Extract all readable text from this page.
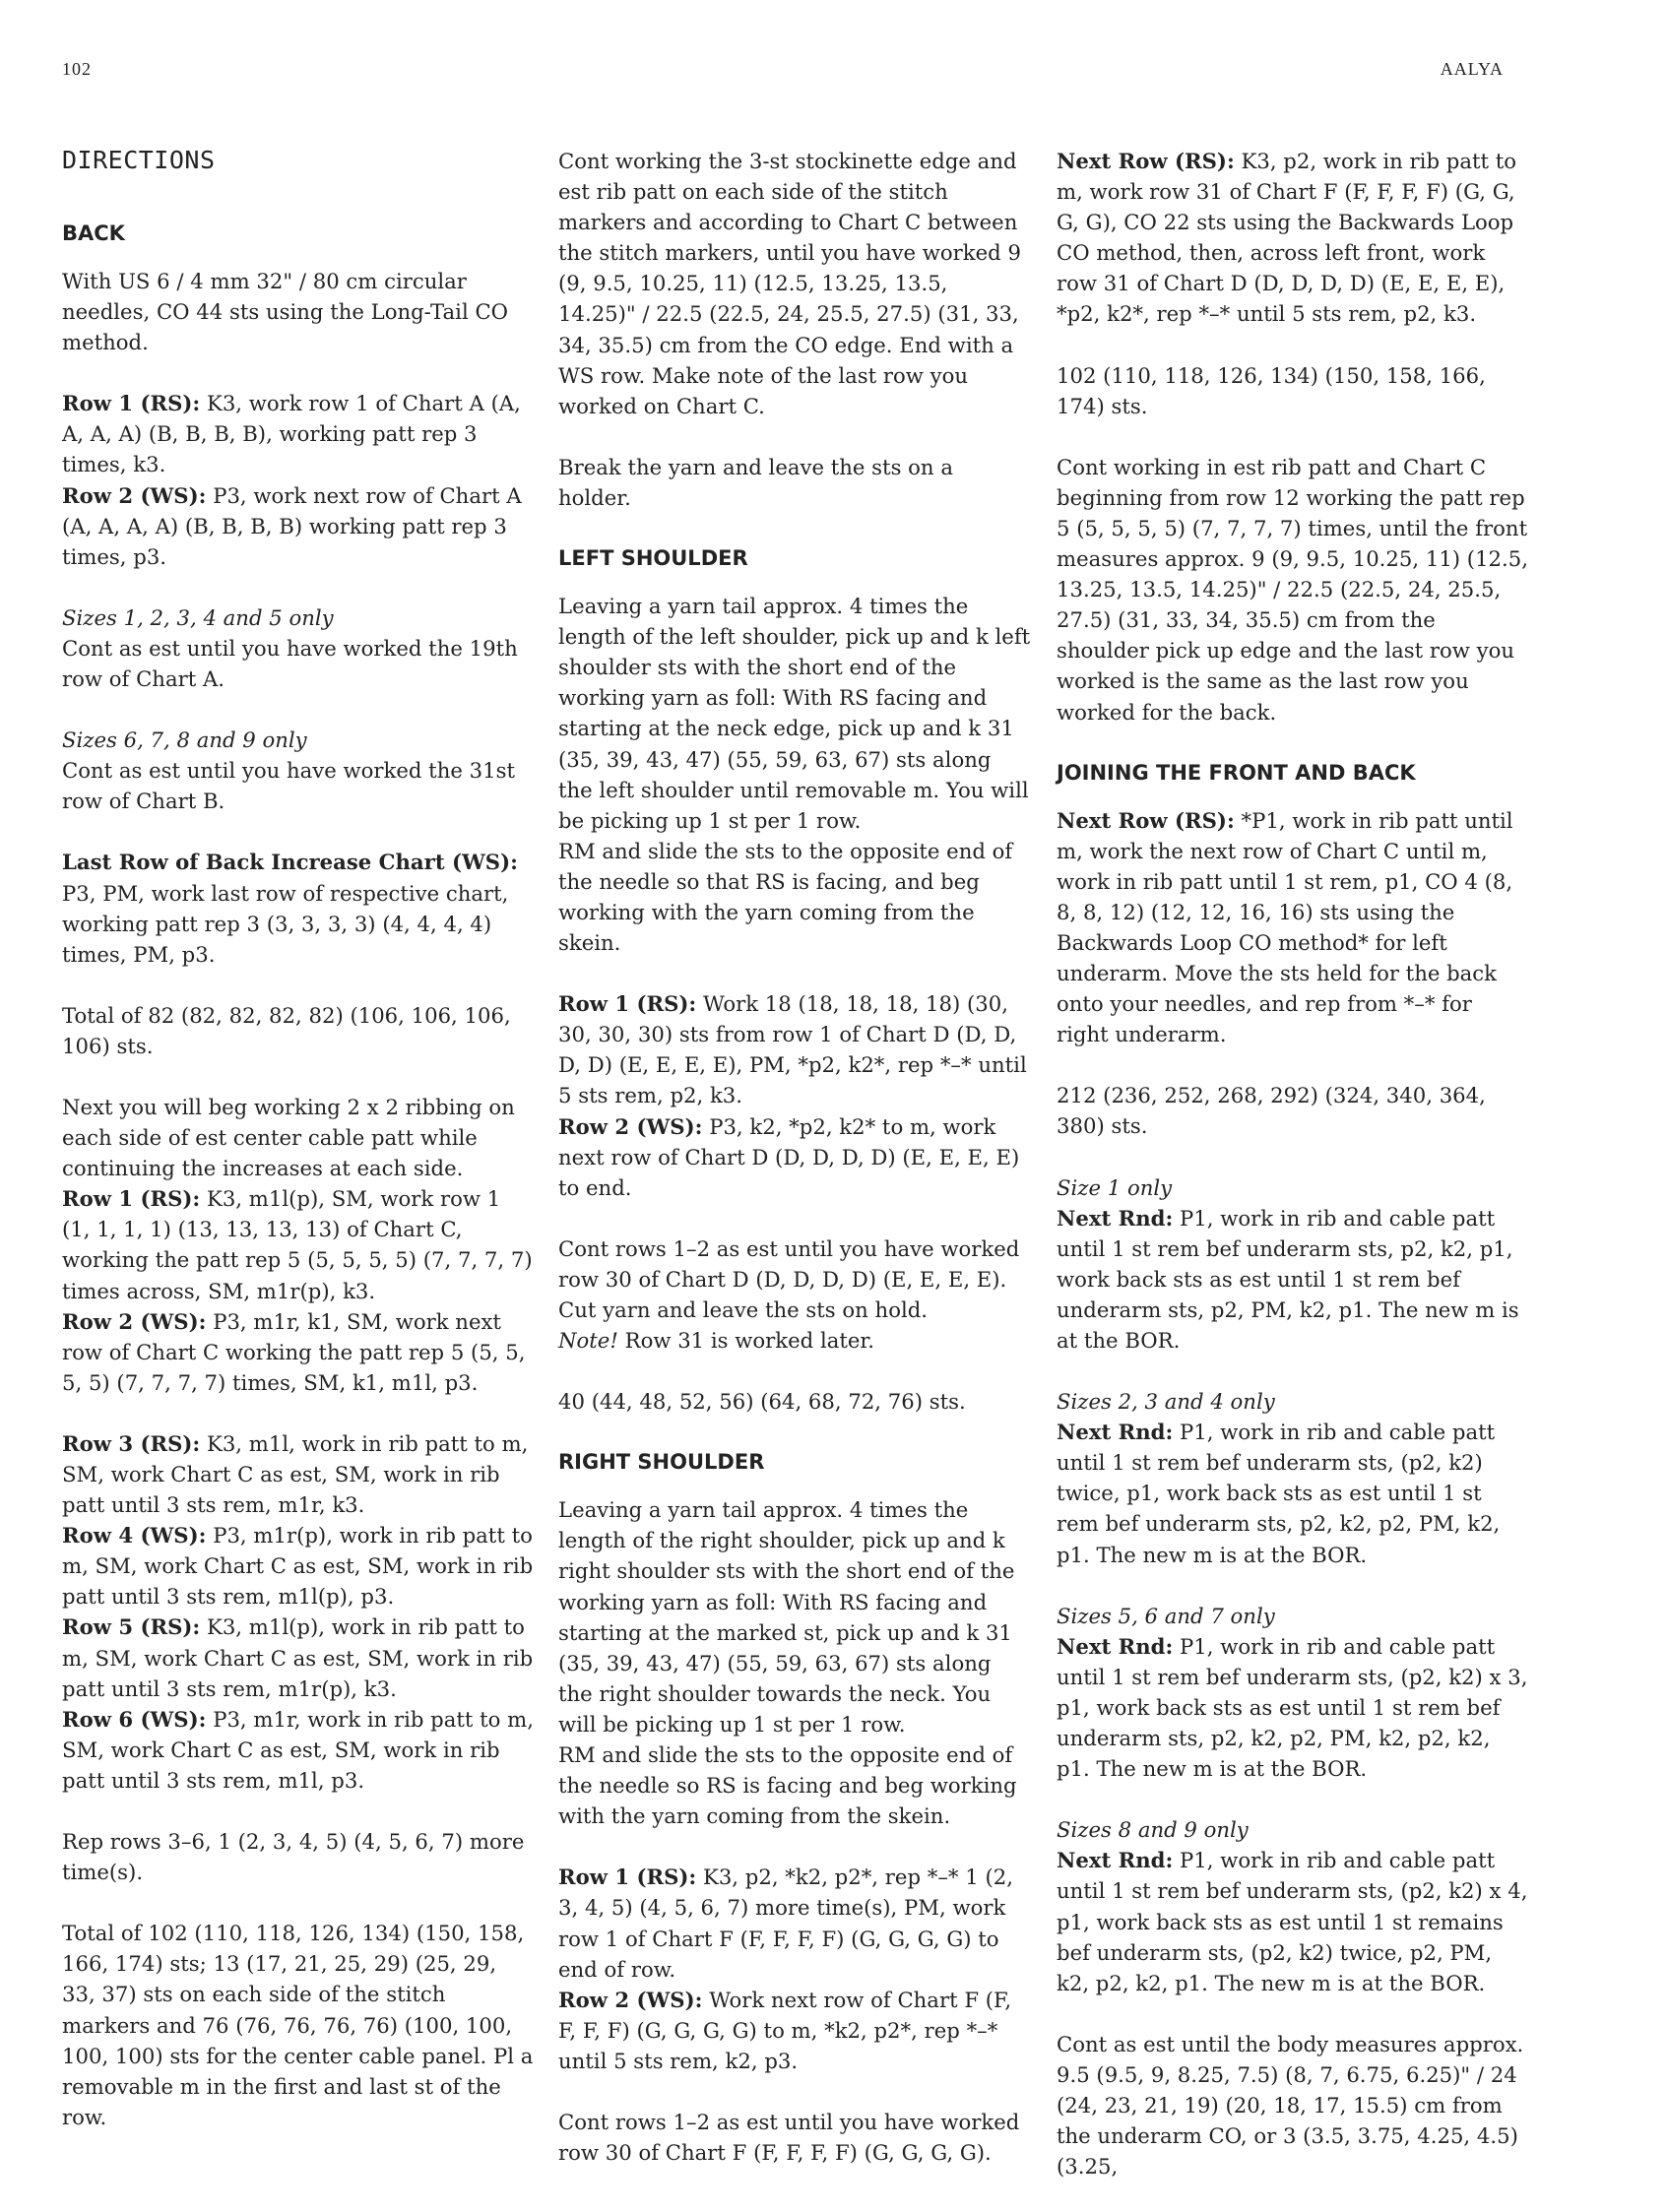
102	AALYA
DIRECTIONS
BACK

With US 6 / 4 mm 32" / 80 cm circular needles, CO 44 sts using the Long-Tail CO method.

Row 1 (RS): K3, work row 1 of Chart A (A, A, A, A) (B, B, B, B), working patt rep 3 times, k3.

Row 2 (WS): P3, work next row of Chart A (A, A, A, A) (B, B, B, B) working patt rep 3 times, p3.

Sizes 1, 2, 3, 4 and 5 only
Cont as est until you have worked the 19th row of Chart A.

Sizes 6, 7, 8 and 9 only
Cont as est until you have worked the 31st row of Chart B.

Last Row of Back Increase Chart (WS): P3, PM, work last row of respective chart, working patt rep 3 (3, 3, 3, 3) (4, 4, 4, 4) times, PM, p3.

Total of 82 (82, 82, 82, 82) (106, 106, 106, 106) sts.

Next you will beg working 2 x 2 ribbing on each side of est center cable patt while continuing the increases at each side.

Row 1 (RS): K3, m1l(p), SM, work row 1 (1, 1, 1, 1) (13, 13, 13, 13) of Chart C, working the patt rep 5 (5, 5, 5, 5) (7, 7, 7, 7) times across, SM, m1r(p), k3.

Row 2 (WS): P3, m1r, k1, SM, work next row of Chart C working the patt rep 5 (5, 5, 5, 5) (7, 7, 7, 7) times, SM, k1, m1l, p3.

Row 3 (RS): K3, m1l, work in rib patt to m, SM, work Chart C as est, SM, work in rib patt until 3 sts rem, m1r, k3.

Row 4 (WS): P3, m1r(p), work in rib patt to m, SM, work Chart C as est, SM, work in rib patt until 3 sts rem, m1l(p), p3.

Row 5 (RS): K3, m1l(p), work in rib patt to m, SM, work Chart C as est, SM, work in rib patt until 3 sts rem, m1r(p), k3.

Row 6 (WS): P3, m1r, work in rib patt to m, SM, work Chart C as est, SM, work in rib patt until 3 sts rem, m1l, p3.

Rep rows 3–6, 1 (2, 3, 4, 5) (4, 5, 6, 7) more time(s).

Total of 102 (110, 118, 126, 134) (150, 158, 166, 174) sts; 13 (17, 21, 25, 29) (25, 29, 33, 37) sts on each side of the stitch markers and 76 (76, 76, 76, 76) (100, 100, 100, 100) sts for the center cable panel. Pl a removable m in the first and last st of the row.

Cont working the 3-st stockinette edge and est rib patt on each side of the stitch markers and according to Chart C between the stitch markers, until you have worked 9 (9, 9.5, 10.25, 11) (12.5, 13.25, 13.5, 14.25)" / 22.5 (22.5, 24, 25.5, 27.5) (31, 33, 34, 35.5) cm from the CO edge. End with a WS row. Make note of the last row you worked on Chart C.

Break the yarn and leave the sts on a holder.

LEFT SHOULDER

Leaving a yarn tail approx. 4 times the length of the left shoulder, pick up and k left shoulder sts with the short end of the working yarn as foll: With RS facing and starting at the neck edge, pick up and k 31 (35, 39, 43, 47) (55, 59, 63, 67) sts along the left shoulder until removable m. You will be picking up 1 st per 1 row.

RM and slide the sts to the opposite end of the needle so that RS is facing, and beg working with the yarn coming from the skein.

Row 1 (RS): Work 18 (18, 18, 18, 18) (30, 30, 30, 30) sts from row 1 of Chart D (D, D, D, D) (E, E, E, E), PM, *p2, k2*, rep *–* until 5 sts rem, p2, k3.

Row 2 (WS): P3, k2, *p2, k2* to m, work next row of Chart D (D, D, D, D) (E, E, E, E) to end.

Cont rows 1–2 as est until you have worked row 30 of Chart D (D, D, D, D) (E, E, E, E).

Cut yarn and leave the sts on hold.

Note! Row 31 is worked later.

40 (44, 48, 52, 56) (64, 68, 72, 76) sts.

RIGHT SHOULDER

Leaving a yarn tail approx. 4 times the length of the right shoulder, pick up and k right shoulder sts with the short end of the working yarn as foll: With RS facing and starting at the marked st, pick up and k 31 (35, 39, 43, 47) (55, 59, 63, 67) sts along the right shoulder towards the neck. You will be picking up 1 st per 1 row.

RM and slide the sts to the opposite end of the needle so RS is facing and beg working with the yarn coming from the skein.

Row 1 (RS): K3, p2, *k2, p2*, rep *–* 1 (2, 3, 4, 5) (4, 5, 6, 7) more time(s), PM, work row 1 of Chart F (F, F, F, F) (G, G, G, G) to end of row.

Row 2 (WS): Work next row of Chart F (F, F, F, F) (G, G, G, G) to m, *k2, p2*, rep *–* until 5 sts rem, k2, p3.

Cont rows 1–2 as est until you have worked row 30 of Chart F (F, F, F, F) (G, G, G, G).

Next Row (RS): K3, p2, work in rib patt to m, work row 31 of Chart F (F, F, F, F) (G, G, G, G), CO 22 sts using the Backwards Loop CO method, then, across left front, work row 31 of Chart D (D, D, D, D) (E, E, E, E), *p2, k2*, rep *–* until 5 sts rem, p2, k3.

102 (110, 118, 126, 134) (150, 158, 166, 174) sts.

Cont working in est rib patt and Chart C beginning from row 12 working the patt rep 5 (5, 5, 5, 5) (7, 7, 7, 7) times, until the front measures approx. 9 (9, 9.5, 10.25, 11) (12.5, 13.25, 13.5, 14.25)" / 22.5 (22.5, 24, 25.5, 27.5) (31, 33, 34, 35.5) cm from the shoulder pick up edge and the last row you worked is the same as the last row you worked for the back.

JOINING THE FRONT AND BACK

Next Row (RS): *P1, work in rib patt until m, work the next row of Chart C until m, work in rib patt until 1 st rem, p1, CO 4 (8, 8, 8, 12) (12, 12, 16, 16) sts using the Backwards Loop CO method* for left underarm. Move the sts held for the back onto your needles, and rep from *–* for right underarm.

212 (236, 252, 268, 292) (324, 340, 364, 380) sts.

Size 1 only
Next Rnd: P1, work in rib and cable patt until 1 st rem bef underarm sts, p2, k2, p1, work back sts as est until 1 st rem bef underarm sts, p2, PM, k2, p1. The new m is at the BOR.

Sizes 2, 3 and 4 only
Next Rnd: P1, work in rib and cable patt until 1 st rem bef underarm sts, (p2, k2) twice, p1, work back sts as est until 1 st rem bef underarm sts, p2, k2, p2, PM, k2, p1. The new m is at the BOR.

Sizes 5, 6 and 7 only
Next Rnd: P1, work in rib and cable patt until 1 st rem bef underarm sts, (p2, k2) x 3, p1, work back sts as est until 1 st rem bef underarm sts, p2, k2, p2, PM, k2, p2, k2, p1. The new m is at the BOR.

Sizes 8 and 9 only
Next Rnd: P1, work in rib and cable patt until 1 st rem bef underarm sts, (p2, k2) x 4, p1, work back sts as est until 1 st remains bef underarm sts, (p2, k2) twice, p2, PM, k2, p2, k2, p1. The new m is at the BOR.

Cont as est until the body measures approx. 9.5 (9.5, 9, 8.25, 7.5) (8, 7, 6.75, 6.25)" / 24 (24, 23, 21, 19) (20, 18, 17, 15.5) cm from the underarm CO, or 3 (3.5, 3.75, 4.25, 4.5) (3.25,
